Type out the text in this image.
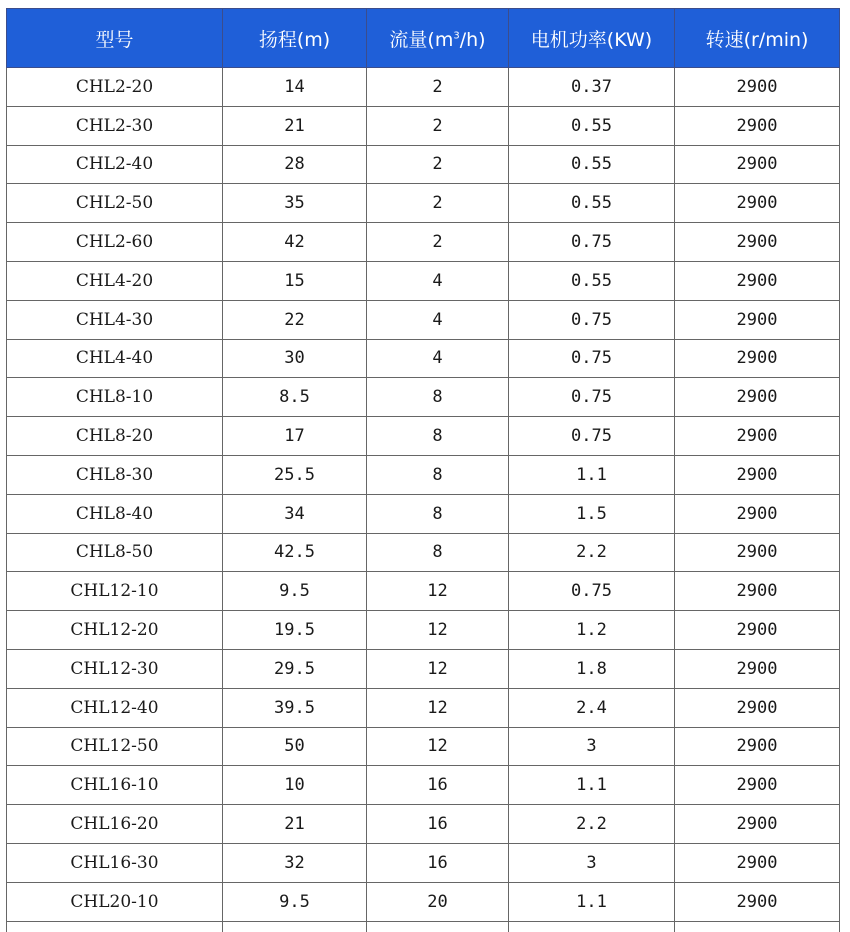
型号	扬程(m)	流量$(m^3/h)$	电机功率(KW)	转速(r/min)
CHL2-20	14	2	0.37	2900
CHL2-30	21	2	0.55	2900
CHL2-40	28	2	0.55	2900
CHL2-50	35	2	0.55	2900
CHL2-60	42	2	0.75	2900
CHL4-20	15	4	0.55	2900
CHL4-30	22	4	0.75	2900
CHL4-40	30	4	0.75	2900
CHL8-10	8.5	8	0.75	2900
CHL8-20	17	8	0.75	2900
CHL8-30	25.5	8	1.1	2900
CHL8-40	34	8	1.5	2900
CHL8-50	42.5	8	2.2	2900
CHL12-10	9.5	12	0.75	2900
CHL12-20	19.5	12	1.2	2900
CHL12-30	29.5	12	1.8	2900
CHL12-40	39.5	12	2.4	2900
CHL12-50	50	12	3	2900
CHL16-10	10	16	1.1	2900
CHL16-20	21	16	2.2	2900
CHL16-30	32	16	3	2900
CHL20-10	9.5	20	1.1	2900
